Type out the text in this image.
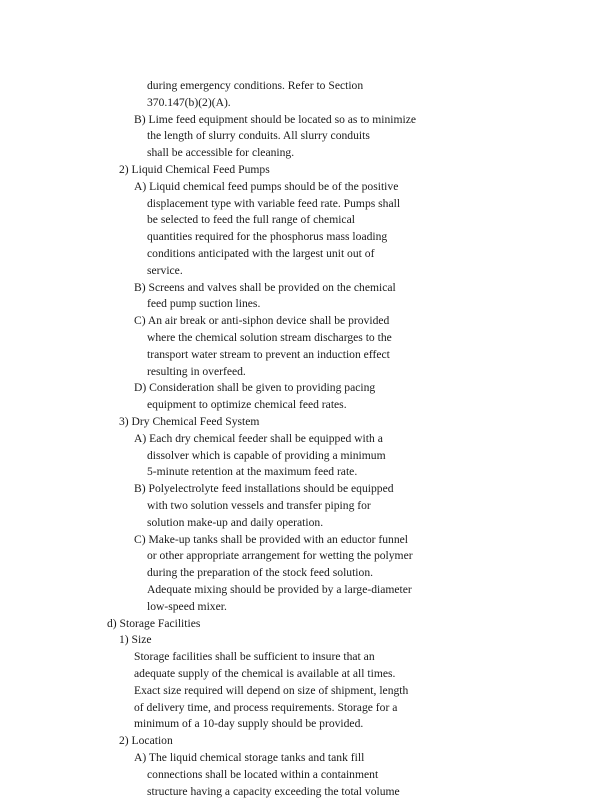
during emergency conditions. Refer to Section
370.147(b)(2)(A).
B) Lime feed equipment should be located so as to minimize
the length of slurry conduits. All slurry conduits
shall be accessible for cleaning.
2) Liquid Chemical Feed Pumps
A) Liquid chemical feed pumps should be of the positive
displacement type with variable feed rate. Pumps shall
be selected to feed the full range of chemical
quantities required for the phosphorus mass loading
conditions anticipated with the largest unit out of
service.
B) Screens and valves shall be provided on the chemical
feed pump suction lines.
C) An air break or anti-siphon device shall be provided
where the chemical solution stream discharges to the
transport water stream to prevent an induction effect
resulting in overfeed.
D) Consideration shall be given to providing pacing
equipment to optimize chemical feed rates.
3) Dry Chemical Feed System
A) Each dry chemical feeder shall be equipped with a
dissolver which is capable of providing a minimum
5-minute retention at the maximum feed rate.
B) Polyelectrolyte feed installations should be equipped
with two solution vessels and transfer piping for
solution make-up and daily operation.
C) Make-up tanks shall be provided with an eductor funnel
or other appropriate arrangement for wetting the polymer
during the preparation of the stock feed solution.
Adequate mixing should be provided by a large-diameter
low-speed mixer.
d) Storage Facilities
1) Size
Storage facilities shall be sufficient to insure that an
adequate supply of the chemical is available at all times.
Exact size required will depend on size of shipment, length
of delivery time, and process requirements. Storage for a
minimum of a 10-day supply should be provided.
2) Location
A) The liquid chemical storage tanks and tank fill
connections shall be located within a containment
structure having a capacity exceeding the total volume
